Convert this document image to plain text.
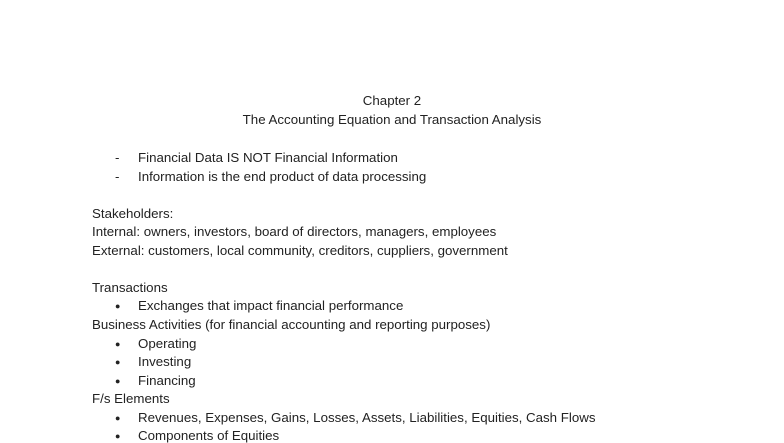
Chapter 2
The Accounting Equation and Transaction Analysis
- Financial Data IS NOT Financial Information
- Information is the end product of data processing
Stakeholders:
Internal: owners, investors, board of directors, managers, employees
External: customers, local community, creditors, cuppliers, government
Transactions
● Exchanges that impact financial performance
Business Activities (for financial accounting and reporting purposes)
● Operating
● Investing
● Financing
F/s Elements
● Revenues, Expenses, Gains, Losses, Assets, Liabilities, Equities, Cash Flows
● Components of Equities
